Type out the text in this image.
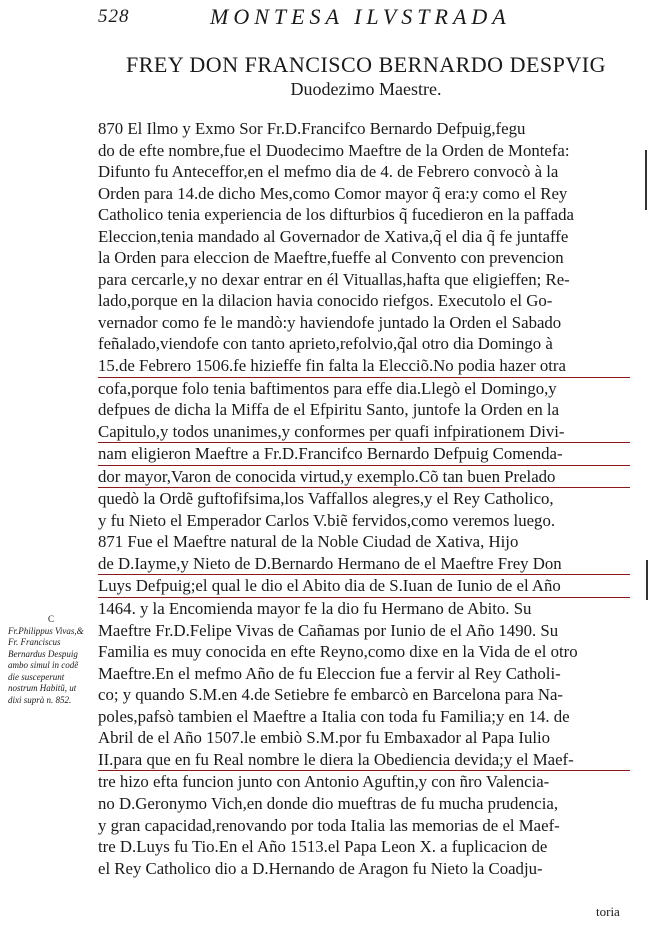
528	MONTESA ILVSTRADA
FREY DON FRANCISCO BERNARDO DESPVIG
Duodezimo Maestre.
870 El Ilmo y Exmo Sor Fr.D.Francifco Bernardo Defpuig,fegu
do de efte nombre,fue el Duodecimo Maeftre de la Orden de Montefa:
Difunto fu Anteceffor,en el mefmo dia de 4. de Febrero convocò à la
Orden para 14.de dicho Mes,como Comor mayor q̃ era:y como el Rey
Catholico tenia experiencia de los difturbios q̃ fucedieron en la paffada
Eleccion,tenia mandado al Governador de Xativa,q̃ el dia q̃ fe juntaffe
la Orden para eleccion de Maeftre,fueffe al Convento con prevencion
para cercarle,y no dexar entrar en él Vituallas,hafta que eligieffen; Re-
lado,porque en la dilacion havia conocido riefgos. Executolo el Go-
vernador como fe le mandò:y haviendofe juntado la Orden el Sabado
feñalado,viendofe con tanto aprieto,refolvio,q̃al otro dia Domingo à
15.de Febrero 1506.fe hizieffe fin falta la Elecciõ.No podia hazer otra
cofa,porque folo tenia baftimentos para effe dia.Llegò el Domingo,y
defpues de dicha la Miffa de el Efpiritu Santo, juntofe la Orden en la
Capitulo,y todos unanimes,y conformes per quafi infpirationem Divi-
nam eligieron Maeftre a Fr.D.Francifco Bernardo Defpuig Comenda-
dor mayor,Varon de conocida virtud,y exemplo.Cõ tan buen Prelado
quedò la Ordẽ guftofifsima,los Vaffallos alegres,y el Rey Catholico,
y fu Nieto el Emperador Carlos V.biẽ fervidos,como veremos luego.
871 Fue el Maeftre natural de la Noble Ciudad de Xativa, Hijo
de D.Iayme,y Nieto de D.Bernardo Hermano de el Maeftre Frey Don
Luys Defpuig;el qual le dio el Abito dia de S.Iuan de Iunio de el Año
1464. y la Encomienda mayor fe la dio fu Hermano de Abito. Su
Maeftre Fr.D.Felipe Vivas de Cañamas por Iunio de el Año 1490. Su
Familia es muy conocida en efte Reyno,como dixe en la Vida de el otro
Maeftre.En el mefmo Año de fu Eleccion fue a fervir al Rey Catholi-
co; y quando S.M.en 4.de Setiebre fe embarcò en Barcelona para Na-
poles,pafsò tambien el Maeftre a Italia con toda fu Familia;y en 14. de
Abril de el Año 1507.le embiò S.M.por fu Embaxador al Papa Iulio
II.para que en fu Real nombre le diera la Obediencia devida;y el Maef-
tre hizo efta funcion junto con Antonio Aguftin,y con ñro Valencia-
no D.Geronymo Vich,en donde dio mueftras de fu mucha prudencia,
y gran capacidad,renovando por toda Italia las memorias de el Maef-
tre D.Luys fu Tio.En el Año 1513.el Papa Leon X. a fuplicacion de
el Rey Catholico dio a D.Hernando de Aragon fu Nieto la Coadju-
C
Fr.Philippus Vivas,& Fr. Franciscus Bernardus Despuig ambo simul in codẽ die susceperunt nostrum Habitũ, ut dixi suprà n. 852.
toria
